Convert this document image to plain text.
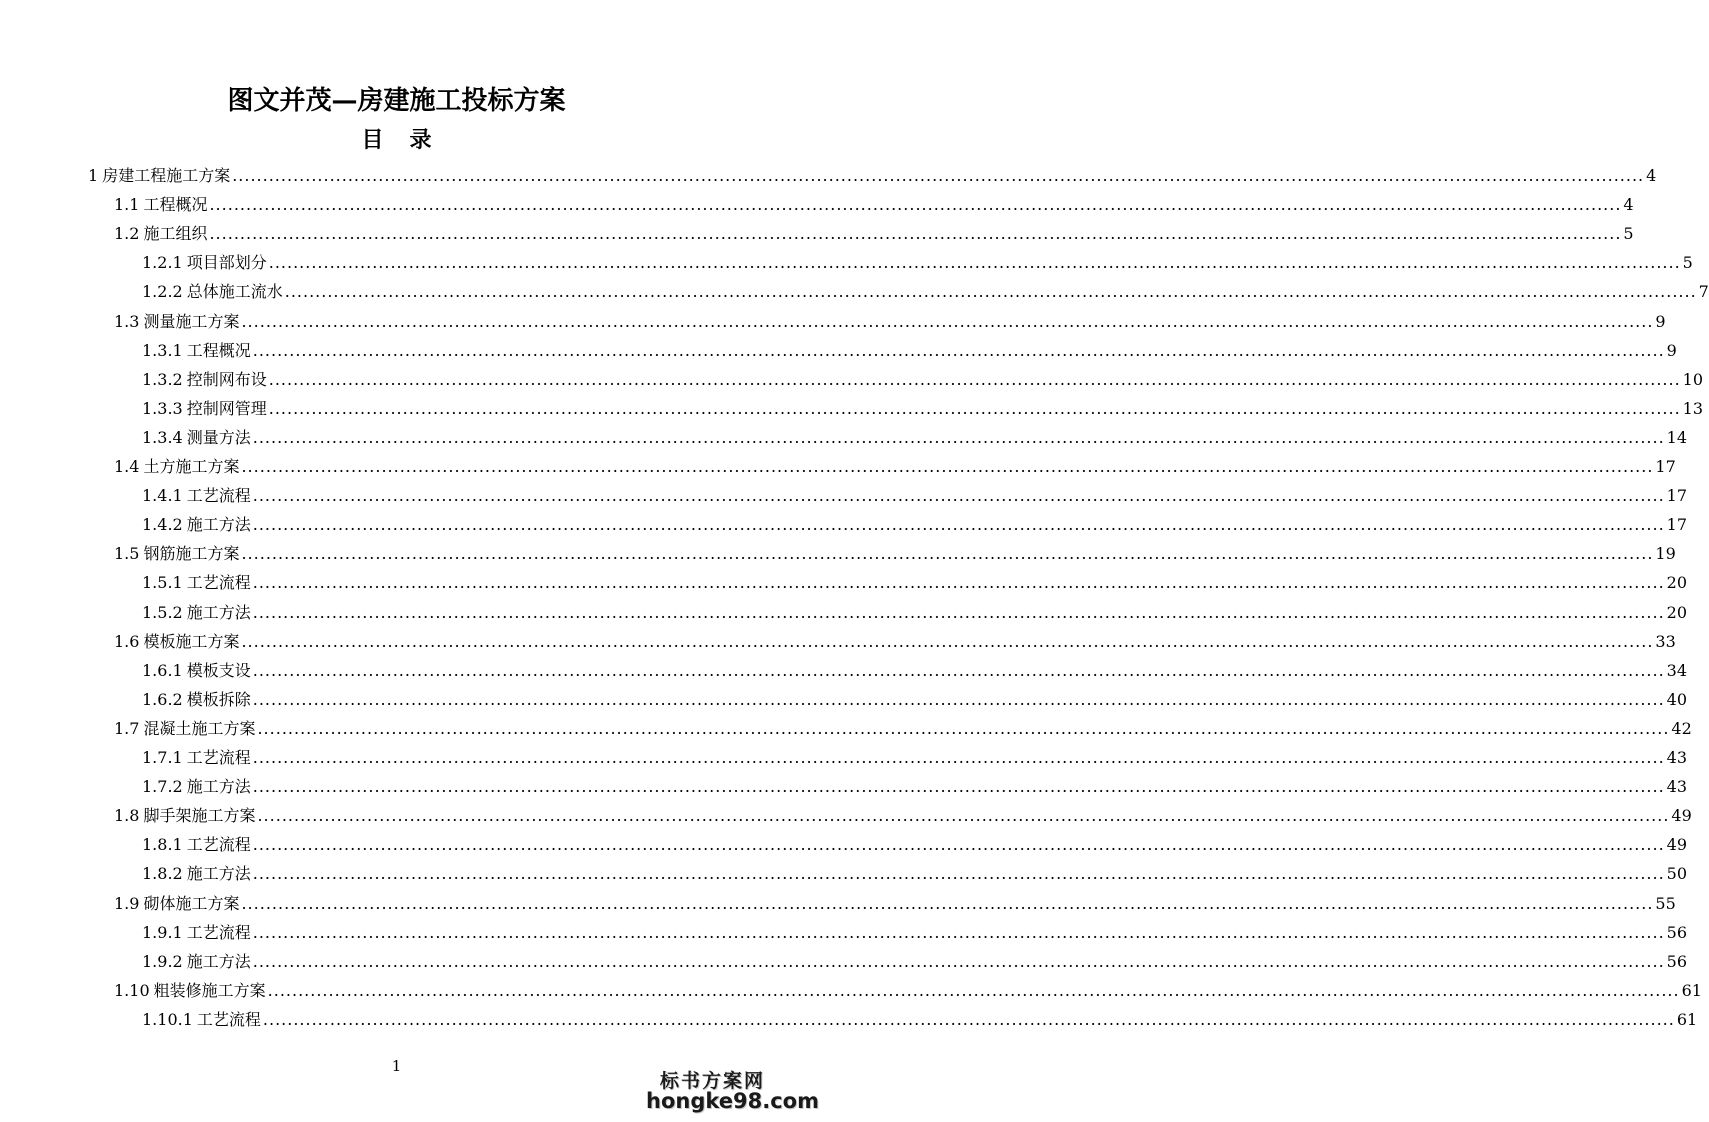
图文并茂—房建施工投标方案
目 录
1 房建工程施工方案 .....	4
1.1 工程概况 .....	4
1.2 施工组织 .....	5
1.2.1 项目部划分 .....	5
1.2.2 总体施工流水 .....	7
1.3 测量施工方案 .....	9
1.3.1 工程概况 .....	9
1.3.2 控制网布设 .....	10
1.3.3 控制网管理 .....	13
1.3.4 测量方法 .....	14
1.4 土方施工方案 .....	17
1.4.1 工艺流程 .....	17
1.4.2 施工方法 .....	17
1.5 钢筋施工方案 .....	19
1.5.1 工艺流程 .....	20
1.5.2 施工方法 .....	20
1.6 模板施工方案 .....	33
1.6.1 模板支设 .....	34
1.6.2 模板拆除 .....	40
1.7 混凝土施工方案 .....	42
1.7.1 工艺流程 .....	43
1.7.2 施工方法 .....	43
1.8 脚手架施工方案 .....	49
1.8.1 工艺流程 .....	49
1.8.2 施工方法 .....	50
1.9 砌体施工方案 .....	55
1.9.1 工艺流程 .....	56
1.9.2 施工方法 .....	56
1.10 粗装修施工方案 .....	61
1.10.1 工艺流程 .....	61
1
标书方案网
hongke98.com
